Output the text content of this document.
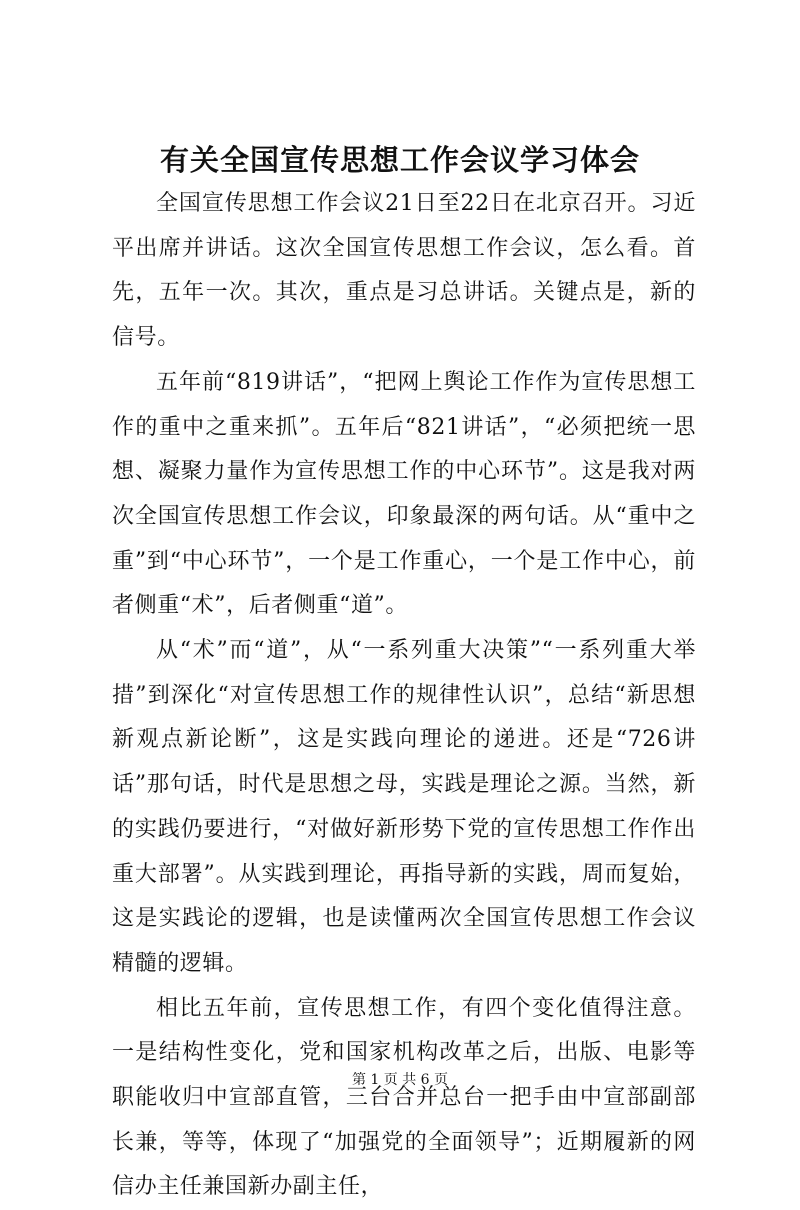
有关全国宣传思想工作会议学习体会

全国宣传思想工作会议21日至22日在北京召开。习近平出席并讲话。这次全国宣传思想工作会议，怎么看。首先，五年一次。其次，重点是习总讲话。关键点是，新的信号。

五年前“819讲话”，“把网上舆论工作作为宣传思想工作的重中之重来抓”。五年后“821讲话”，“必须把统一思想、凝聚力量作为宣传思想工作的中心环节”。这是我对两次全国宣传思想工作会议，印象最深的两句话。从“重中之重”到“中心环节”，一个是工作重心，一个是工作中心，前者侧重“术”，后者侧重“道”。

从“术”而“道”，从“一系列重大决策”“一系列重大举措”到深化“对宣传思想工作的规律性认识”，总结“新思想新观点新论断”，这是实践向理论的递进。还是“726讲话”那句话，时代是思想之母，实践是理论之源。当然，新的实践仍要进行，“对做好新形势下党的宣传思想工作作出重大部署”。从实践到理论，再指导新的实践，周而复始，这是实践论的逻辑，也是读懂两次全国宣传思想工作会议精髓的逻辑。

相比五年前，宣传思想工作，有四个变化值得注意。一是结构性变化，党和国家机构改革之后，出版、电影等职能收归中宣部直管，三台合并总台一把手由中宣部副部长兼，等等，体现了“加强党的全面领导”；近期履新的网信办主任兼国新办副主任，

第 1 页 共 6 页
